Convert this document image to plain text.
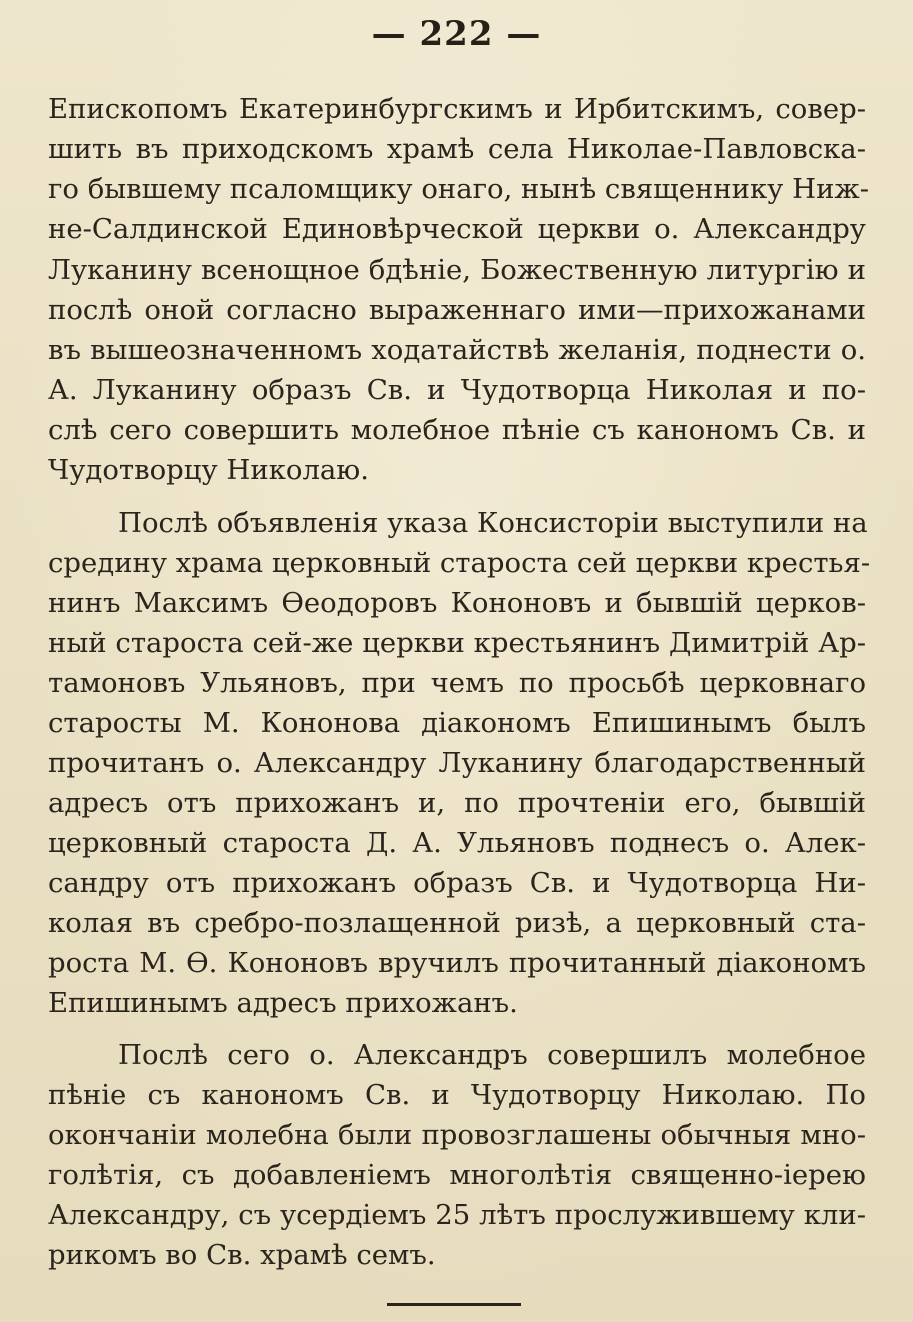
— 222 —
Епископомъ Екатеринбургскимъ и Ирбитскимъ, совер-
шить въ приходскомъ храмѣ села Николае-Павловска-
го бывшему псаломщику онаго, нынѣ священнику Ниж-
не-Салдинской Единовѣрческой церкви о. Александру
Луканину всенощное бдѣніе, Божественную литургію и
послѣ оной согласно выраженнаго ими—прихожанами
въ вышеозначенномъ ходатайствѣ желанія, поднести о.
А. Луканину образъ Св. и Чудотворца Николая и по-
слѣ сего совершить молебное пѣніе съ канономъ Св. и
Чудотворцу Николаю.
Послѣ объявленія указа Консисторіи выступили на
средину храма церковный староста сей церкви крестья-
нинъ Максимъ Ѳеодоровъ Кононовъ и бывшій церков-
ный староста сей-же церкви крестьянинъ Димитрій Ар-
тамоновъ Ульяновъ, при чемъ по просьбѣ церковнаго
старосты М. Кононова діакономъ Епишинымъ былъ
прочитанъ о. Александру Луканину благодарственный
адресъ отъ прихожанъ и, по прочтеніи его, бывшій
церковный староста Д. А. Ульяновъ поднесъ о. Алек-
сандру отъ прихожанъ образъ Св. и Чудотворца Ни-
колая въ сребро-позлащенной ризѣ, а церковный ста-
роста М. Ѳ. Кононовъ вручилъ прочитанный діакономъ
Епишинымъ адресъ прихожанъ.
Послѣ сего о. Александръ совершилъ молебное
пѣніе съ канономъ Св. и Чудотворцу Николаю. По
окончаніи молебна были провозглашены обычныя мно-
голѣтія, съ добавленіемъ многолѣтія священно-іерею
Александру, съ усердіемъ 25 лѣтъ прослужившему кли-
рикомъ во Св. храмѣ семъ.
